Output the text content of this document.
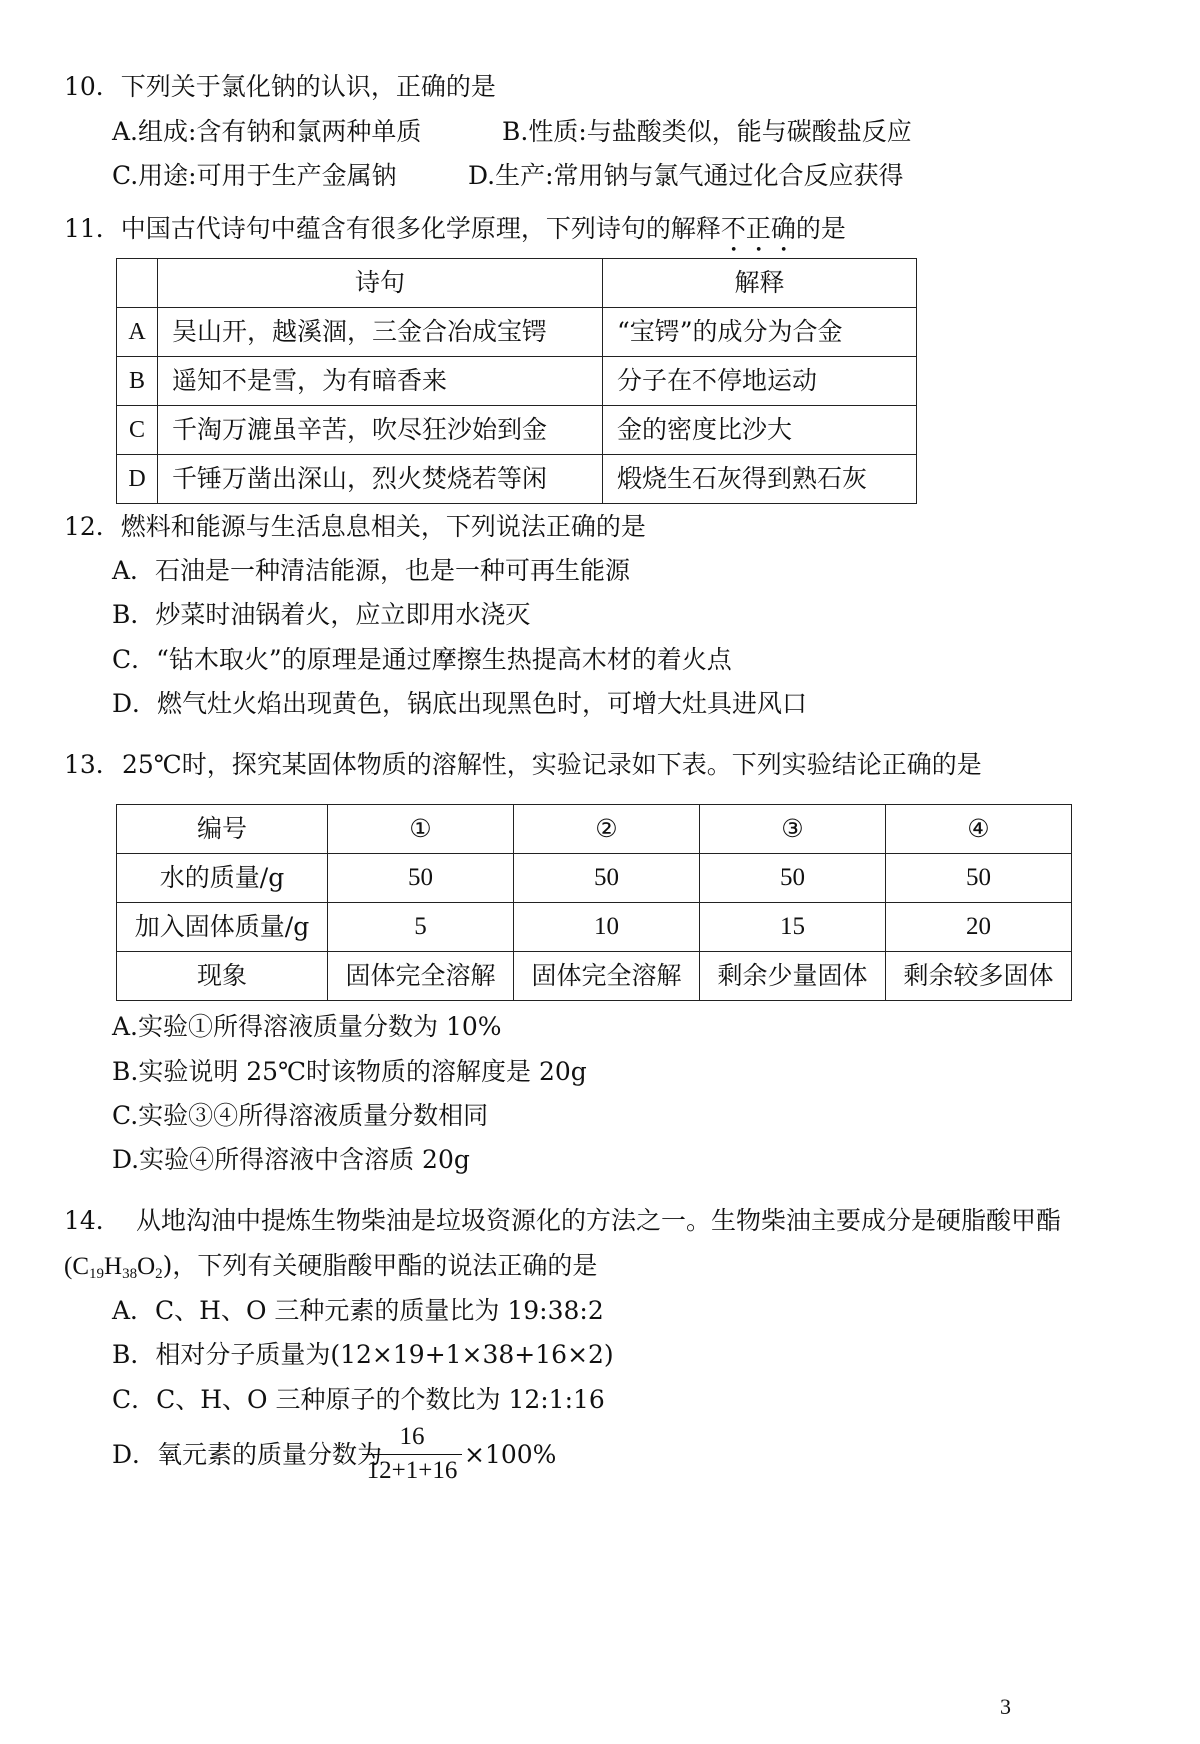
10．下列关于氯化钠的认识，正确的是
A.组成:含有钠和氯两种单质	B.性质:与盐酸类似，能与碳酸盐反应
C.用途:可用于生产金属钠	D.生产:常用钠与氯气通过化合反应获得
11．中国古代诗句中蕴含有很多化学原理，下列诗句的解释不正确的是
	诗句	解释
A	吴山开，越溪涸，三金合冶成宝锷	“宝锷”的成分为合金
B	遥知不是雪，为有暗香来	分子在不停地运动
C	千淘万漉虽辛苦，吹尽狂沙始到金	金的密度比沙大
D	千锤万凿出深山，烈火焚烧若等闲	煅烧生石灰得到熟石灰
12．燃料和能源与生活息息相关，下列说法正确的是
A．石油是一种清洁能源，也是一种可再生能源
B．炒菜时油锅着火，应立即用水浇灭
C．“钻木取火”的原理是通过摩擦生热提高木材的着火点
D．燃气灶火焰出现黄色，锅底出现黑色时，可增大灶具进风口
13． 25℃时，探究某固体物质的溶解性，实验记录如下表。下列实验结论正确的是
编号	①	②	③	④
水的质量/g	50	50	50	50
加入固体质量/g	5	10	15	20
现象	固体完全溶解	固体完全溶解	剩余少量固体	剩余较多固体
A.实验①所得溶液质量分数为 10%
B.实验说明 25℃时该物质的溶解度是 20g
C.实验③④所得溶液质量分数相同
D.实验④所得溶液中含溶质 20g
14． 从地沟油中提炼生物柴油是垃圾资源化的方法之一。生物柴油主要成分是硬脂酸甲酯
$(C_{19}H_{38}O_2)$，下列有关硬脂酸甲酯的说法正确的是
A．C、H、O 三种元素的质量比为 19:38:2
B．相对分子质量为(12×19+1×38+16×2)
C．C、H、O 三种原子的个数比为 12:1:16
D．氧元素的质量分数为
16
12+1+16
×100%
3
